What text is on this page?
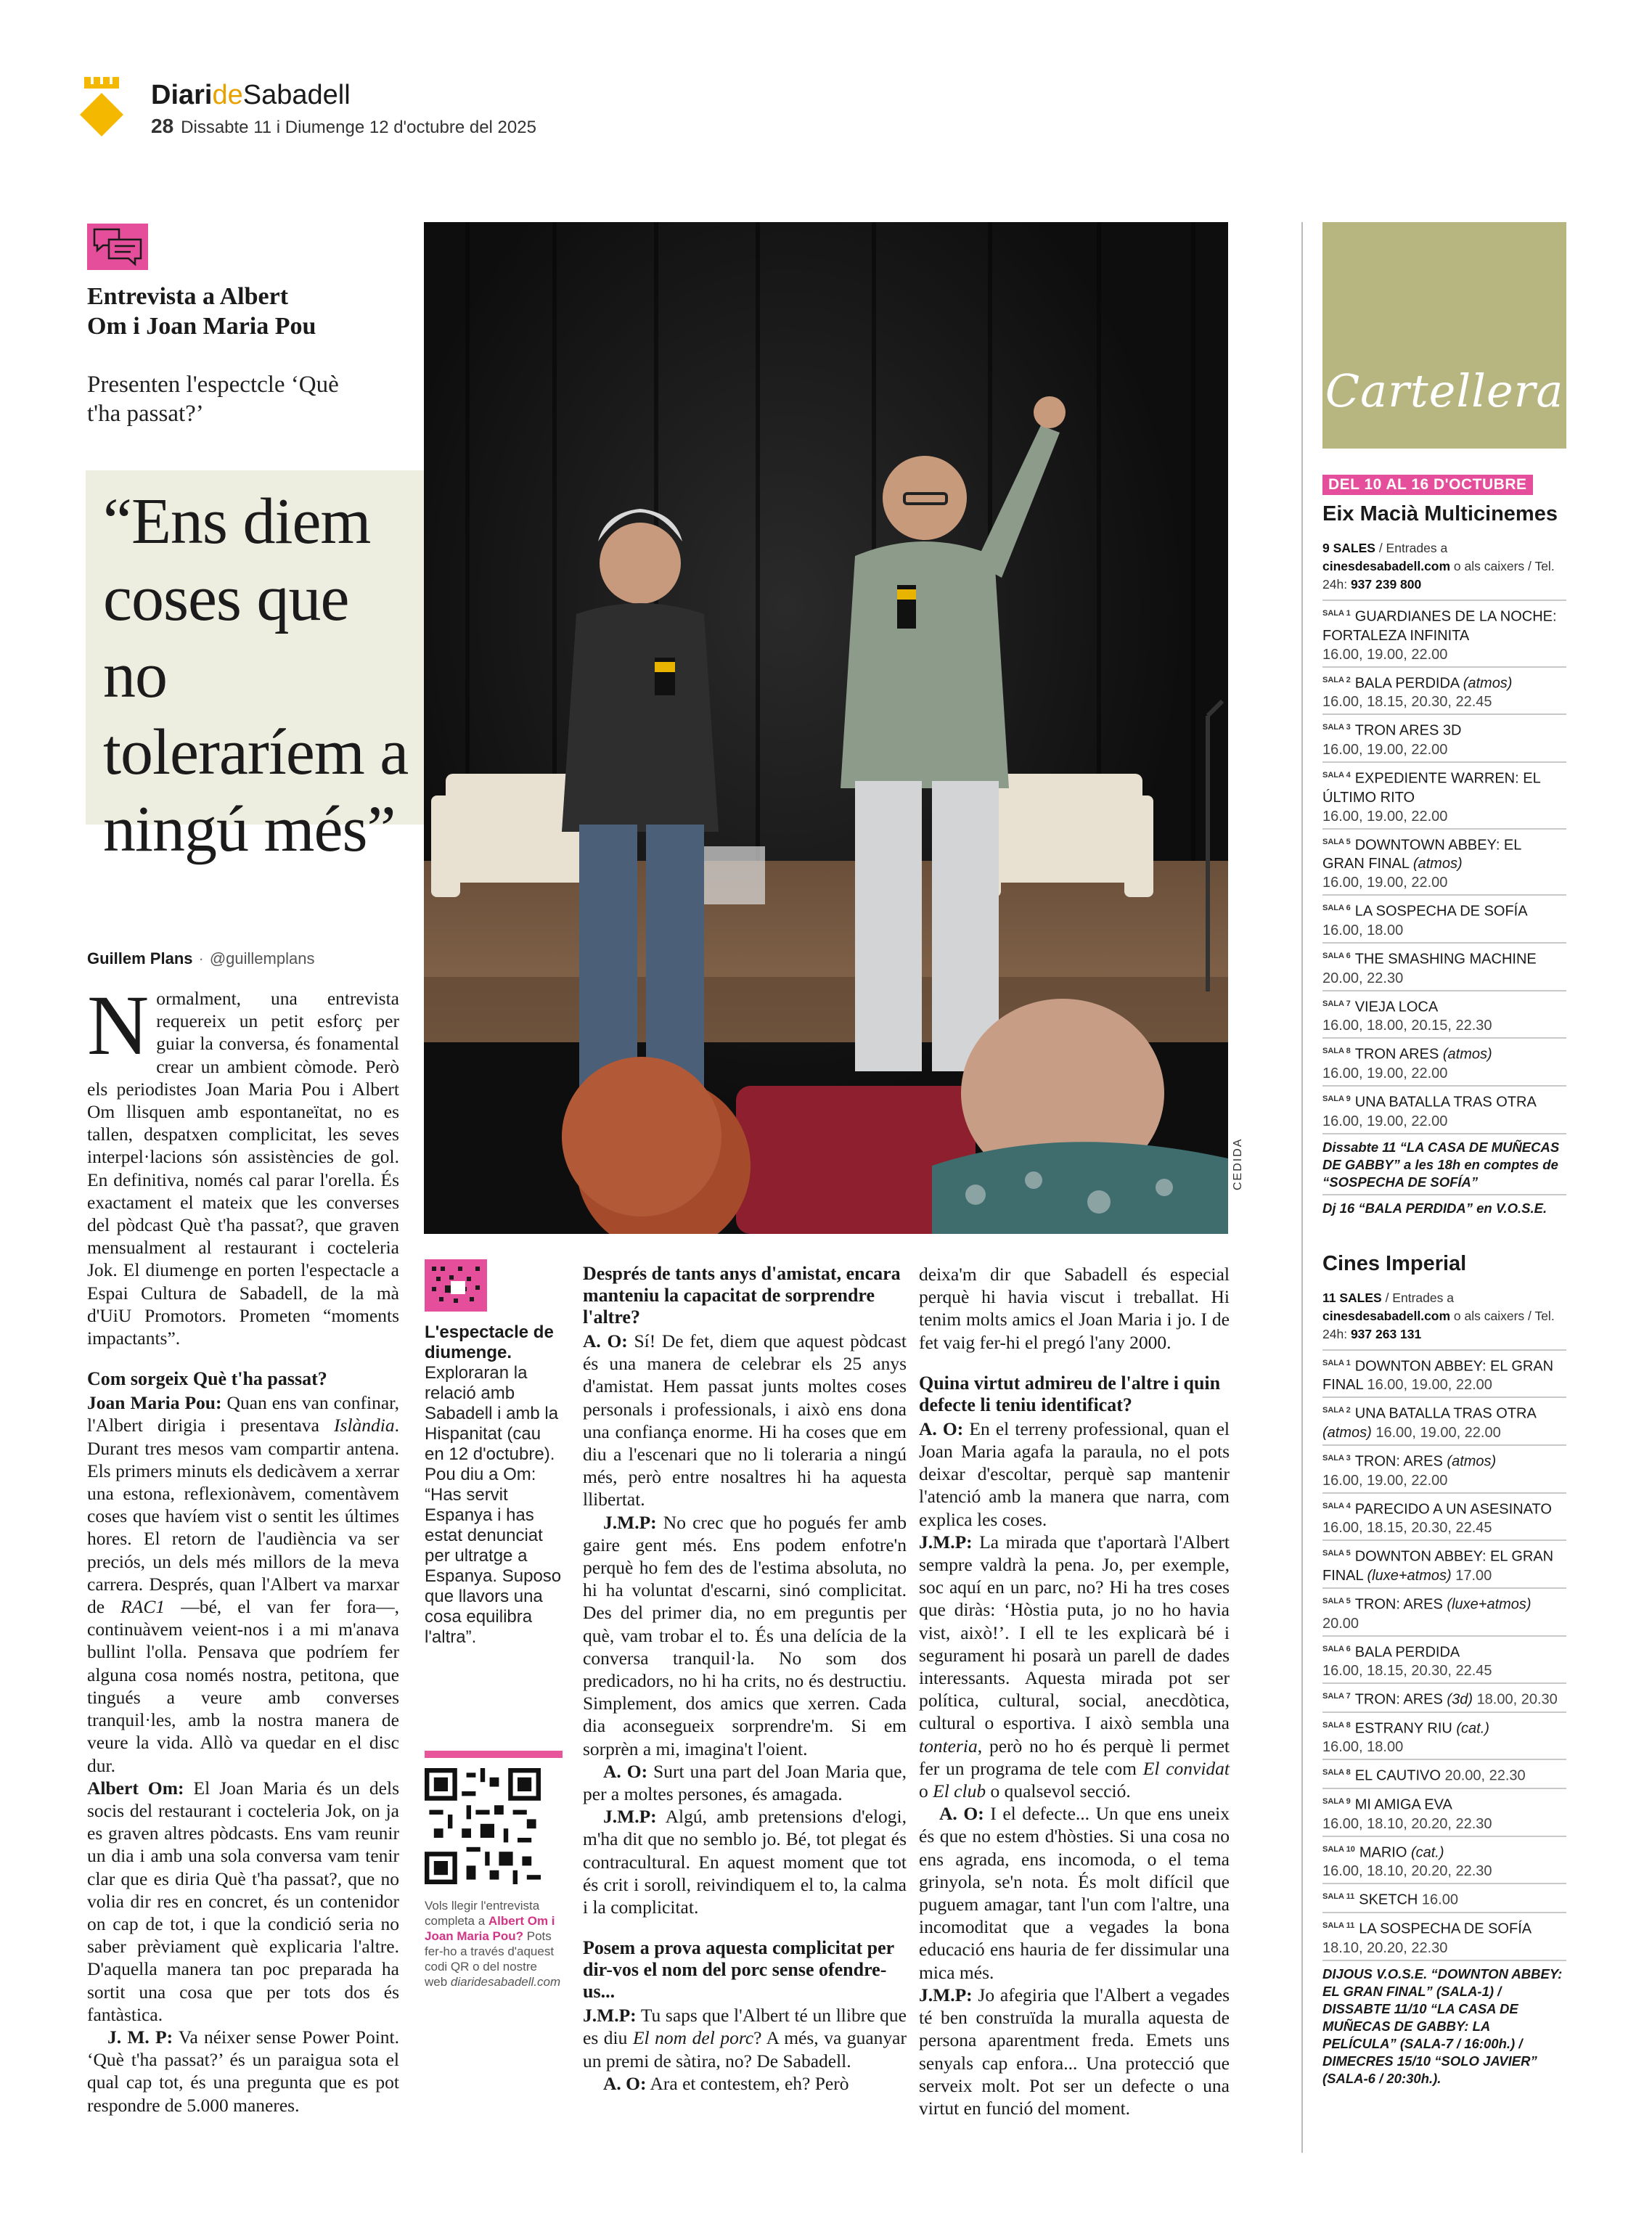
DiarideSabadell
28 Dissabte 11 i Diumenge 12 d'octubre del 2025
Entrevista a Albert Om i Joan Maria Pou
Presenten l'espectcle ‘Què t'ha passat?’
“Ens diem coses que no toleraríem a ningú més”
Guillem Plans · @guillemplans
CEDIDA

Normalment, una entrevista requereix un petit esforç per guiar la conversa, és fonamental crear un ambient còmode. Però els periodistes Joan Maria Pou i Albert Om llisquen amb espontaneïtat, no es tallen, despatxen complicitat, les seves interpel·lacions són assistències de gol. En definitiva, només cal parar l'orella. És exactament el mateix que les converses del pòdcast Què t'ha passat?, que graven mensualment al restaurant i cocteleria Jok. El diumenge en porten l'espectacle a Espai Cultura de Sabadell, de la mà d'UiU Promotors. Prometen “moments impactants”.

Com sorgeix Què t'ha passat?

Joan Maria Pou: Quan ens van confinar, l'Albert dirigia i presentava Islàndia. Durant tres mesos vam compartir antena. Els primers minuts els dedicàvem a xerrar una estona, reflexionàvem, comentàvem coses que havíem vist o sentit les últimes hores. El retorn de l'audiència va ser preciós, un dels més millors de la meva carrera. Després, quan l'Albert va marxar de RAC1 —bé, el van fer fora—, continuàvem veient-nos i a mi m'anava bullint l'olla. Pensava que podríem fer alguna cosa només nostra, petitona, que tingués a veure amb converses tranquil·les, amb la nostra manera de veure la vida. Allò va quedar en el disc dur.

Albert Om: El Joan Maria és un dels socis del restaurant i cocteleria Jok, on ja es graven altres pòdcasts. Ens vam reunir un dia i amb una sola conversa vam tenir clar que es diria Què t'ha passat?, que no volia dir res en concret, és un contenidor on cap de tot, i que la condició seria no saber prèviament què explicaria l'altre. D'aquella manera tan poc preparada ha sortit una cosa que per tots dos és fantàstica.

J. M. P: Va néixer sense Power Point. ‘Què t'ha passat?’ és un paraigua sota el qual cap tot, és una pregunta que es pot respondre de 5.000 maneres.

L'espectacle de diumenge.
Exploraran la relació amb Sabadell i amb la Hispanitat (cau en 12 d'octubre). Pou diu a Om: “Has servit Espanya i has estat denunciat per ultratge a Espanya. Suposo que llavors una cosa equilibra l'altra”.
Vols llegir l'entrevista completa a Albert Om i Joan Maria Pou? Pots fer-ho a través d'aquest codi QR o del nostre web diaridesabadell.com
Després de tants anys d'amistat, encara manteniu la capacitat de sorprendre l'altre?

A. O: Sí! De fet, diem que aquest pòdcast és una manera de celebrar els 25 anys d'amistat. Hem passat junts moltes coses personals i professionals, i això ens dona una confiança enorme. Hi ha coses que em diu a l'escenari que no li toleraria a ningú més, però entre nosaltres hi ha aquesta llibertat.

J.M.P: No crec que ho pogués fer amb gaire gent més. Ens podem enfotre'n perquè ho fem des de l'estima absoluta, no hi ha voluntat d'escarni, sinó complicitat. Des del primer dia, no em preguntis per què, vam trobar el to. És una delícia de la conversa tranquil·la. No som dos predicadors, no hi ha crits, no és destructiu. Simplement, dos amics que xerren. Cada dia aconsegueix sorprendre'm. Si em sorprèn a mi, imagina't l'oient.

A. O: Surt una part del Joan Maria que, per a moltes persones, és amagada.

J.M.P: Algú, amb pretensions d'elogi, m'ha dit que no semblo jo. Bé, tot plegat és contracultural. En aquest moment que tot és crit i soroll, reivindiquem el to, la calma i la complicitat.

Posem a prova aquesta complicitat per dir-vos el nom del porc sense ofendre-us...

J.M.P: Tu saps que l'Albert té un llibre que es diu El nom del porc? A més, va guanyar un premi de sàtira, no? De Sabadell.

A. O: Ara et contestem, eh? Però

deixa'm dir que Sabadell és especial perquè hi havia viscut i treballat. Hi tenim molts amics el Joan Maria i jo. I de fet vaig fer-hi el pregó l'any 2000.

Quina virtut admireu de l'altre i quin defecte li teniu identificat?

A. O: En el terreny professional, quan el Joan Maria agafa la paraula, no el pots deixar d'escoltar, perquè sap mantenir l'atenció amb la manera que narra, com explica les coses.

J.M.P: La mirada que t'aportarà l'Albert sempre valdrà la pena. Jo, per exemple, soc aquí en un parc, no? Hi ha tres coses que diràs: ‘Hòstia puta, jo no ho havia vist, això!’. I ell te les explicarà bé i segurament hi posarà un parell de dades interessants. Aquesta mirada pot ser política, cultural, social, anecdòtica, cultural o esportiva. I això sembla una tonteria, però no ho és perquè li permet fer un programa de tele com El convidat o El club o qualsevol secció.

A. O: I el defecte... Un que ens uneix és que no estem d'hòsties. Si una cosa no ens agrada, ens incomoda, o el tema grinyola, se'n nota. És molt difícil que puguem amagar, tant l'un com l'altre, una incomoditat que a vegades la bona educació ens hauria de fer dissimular una mica més.

J.M.P: Jo afegiria que l'Albert a vegades té ben construïda la muralla aquesta de persona aparentment freda. Emets uns senyals cap enfora... Una protecció que serveix molt. Pot ser un defecte o una virtut en funció del moment.

Cartellera
DEL 10 AL 16 D'OCTUBRE
Eix Macià Multicinemes
9 SALES / Entrades a cinesdesabadell.com o als caixers / Tel. 24h: 937 239 800
$^{SALA 1}$ GUARDIANES DE LA NOCHE: FORTALEZA INFINITA
16.00, 19.00, 22.00
$^{SALA 2}$ BALA PERDIDA (atmos)
16.00, 18.15, 20.30, 22.45
$^{SALA 3}$ TRON ARES 3D
16.00, 19.00, 22.00
$^{SALA 4}$ EXPEDIENTE WARREN: EL ÚLTIMO RITO
16.00, 19.00, 22.00
$^{SALA 5}$ DOWNTOWN ABBEY: EL GRAN FINAL (atmos)
16.00, 19.00, 22.00
$^{SALA 6}$ LA SOSPECHA DE SOFÍA
16.00, 18.00
$^{SALA 6}$ THE SMASHING MACHINE
20.00, 22.30
$^{SALA 7}$ VIEJA LOCA
16.00, 18.00, 20.15, 22.30
$^{SALA 8}$ TRON ARES (atmos)
16.00, 19.00, 22.00
$^{SALA 9}$ UNA BATALLA TRAS OTRA
16.00, 19.00, 22.00
Dissabte 11 “LA CASA DE MUÑECAS DE GABBY” a les 18h en comptes de “SOSPECHA DE SOFÍA”
Dj 16 “BALA PERDIDA” en V.O.S.E.
Cines Imperial
11 SALES / Entrades a cinesdesabadell.com o als caixers / Tel. 24h: 937 263 131
$^{SALA 1}$ DOWNTON ABBEY: EL GRAN FINAL 16.00, 19.00, 22.00
$^{SALA 2}$ UNA BATALLA TRAS OTRA
(atmos) 16.00, 19.00, 22.00
$^{SALA 3}$ TRON: ARES (atmos)
16.00, 19.00, 22.00
$^{SALA 4}$ PARECIDO A UN ASESINATO
16.00, 18.15, 20.30, 22.45
$^{SALA 5}$ DOWNTON ABBEY: EL GRAN FINAL (luxe+atmos) 17.00
$^{SALA 5}$ TRON: ARES (luxe+atmos)
20.00
$^{SALA 6}$ BALA PERDIDA
16.00, 18.15, 20.30, 22.45
$^{SALA 7}$ TRON: ARES (3d) 18.00, 20.30
$^{SALA 8}$ ESTRANY RIU (cat.)
16.00, 18.00
$^{SALA 8}$ EL CAUTIVO 20.00, 22.30
$^{SALA 9}$ MI AMIGA EVA
16.00, 18.10, 20.20, 22.30
$^{SALA 10}$ MARIO (cat.)
16.00, 18.10, 20.20, 22.30
$^{SALA 11}$ SKETCH 16.00
$^{SALA 11}$ LA SOSPECHA DE SOFÍA
18.10, 20.20, 22.30
DIJOUS V.O.S.E. “DOWNTON ABBEY: EL GRAN FINAL” (SALA-1) / DISSABTE 11/10 “LA CASA DE MUÑECAS DE GABBY: LA PELÍCULA” (SALA-7 / 16:00h.) / DIMECRES 15/10 “SOLO JAVIER” (SALA-6 / 20:30h.).
